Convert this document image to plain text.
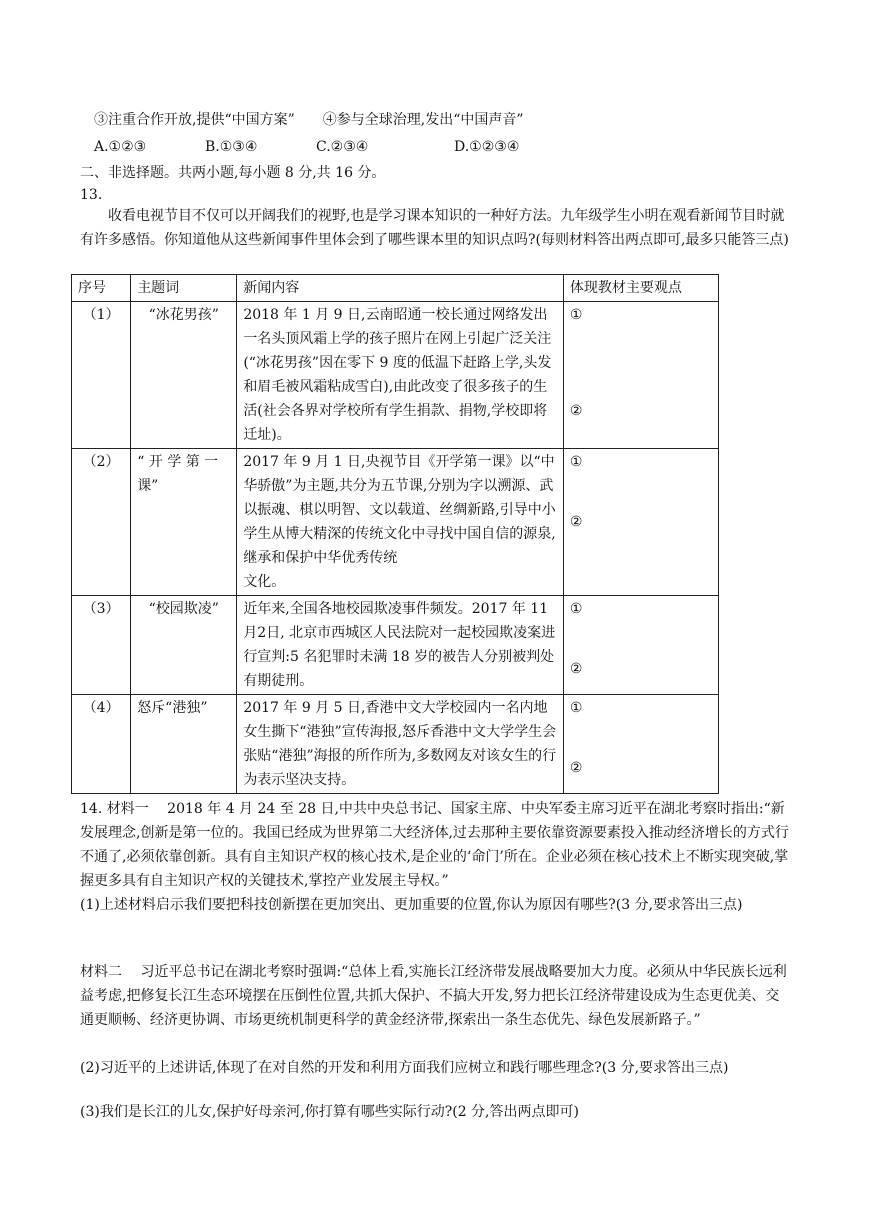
③注重合作开放,提供“中国方案”　　④参与全球治理,发出“中国声音”
A.①②③	B.①③④	C.②③④	D.①②③④
二、非选择题。共两小题,每小题 8 分,共 16 分。
13.
收看电视节目不仅可以开阔我们的视野,也是学习课本知识的一种好方法。九年级学生小明在观看新闻节目时就有许多感悟。你知道他从这些新闻事件里体会到了哪些课本里的知识点吗?(每则材料答出两点即可,最多只能答三点)
序号	主题词	新闻内容	体现教材主要观点
（1）	“冰花男孩”	2018 年 1 月 9 日,云南昭通一校长通过网络发出一名头顶风霜上学的孩子照片在网上引起广泛关注(“冰花男孩”因在零下 9 度的低温下赶路上学,头发和眉毛被风霜粘成雪白),由此改变了很多孩子的生活(社会各界对学校所有学生捐款、捐物,学校即将迁址)。	①
②

（2）	“ 开 学 第 一 课”	2017 年 9 月 1 日,央视节目《开学第一课》以“中华骄傲”为主题,共分为五节课,分别为字以溯源、武以振魂、棋以明智、文以载道、丝绸新路,引导中小学生从博大精深的传统文化中寻找中国自信的源泉,继承和保护中华优秀传统
文化。	①
②

（3）	“校园欺凌”	近年来,全国各地校园欺凌事件频发。2017 年 11月2日, 北京市西城区人民法院对一起校园欺凌案进行宣判:5 名犯罪时未满 18 岁的被告人分别被判处有期徒刑。	①
②

（4）	怒斥“港独”	2017 年 9 月 5 日,香港中文大学校园内一名内地女生撕下“港独”宣传海报,怒斥香港中文大学学生会张贴“港独”海报的所作所为,多数网友对该女生的行为表示坚决支持。	①
②
14. 材料一　 2018 年 4 月 24 至 28 日,中共中央总书记、国家主席、中央军委主席习近平在湖北考察时指出:“新发展理念,创新是第一位的。我国已经成为世界第二大经济体,过去那种主要依靠资源要素投入推动经济增长的方式行不通了,必须依靠创新。具有自主知识产权的核心技术,是企业的‘命门’所在。企业必须在核心技术上不断实现突破,掌握更多具有自主知识产权的关键技术,掌控产业发展主导权。”
(1)上述材料启示我们要把科技创新摆在更加突出、更加重要的位置,你认为原因有哪些?(3 分,要求答出三点)
材料二　 习近平总书记在湖北考察时强调:“总体上看,实施长江经济带发展战略要加大力度。必须从中华民族长远利益考虑,把修复长江生态环境摆在压倒性位置,共抓大保护、不搞大开发,努力把长江经济带建设成为生态更优美、交通更顺畅、经济更协调、市场更统机制更科学的黄金经济带,探索出一条生态优先、绿色发展新路子。”
(2)习近平的上述讲话,体现了在对自然的开发和利用方面我们应树立和践行哪些理念?(3 分,要求答出三点)
(3)我们是长江的儿女,保护好母亲河,你打算有哪些实际行动?(2 分,答出两点即可)
